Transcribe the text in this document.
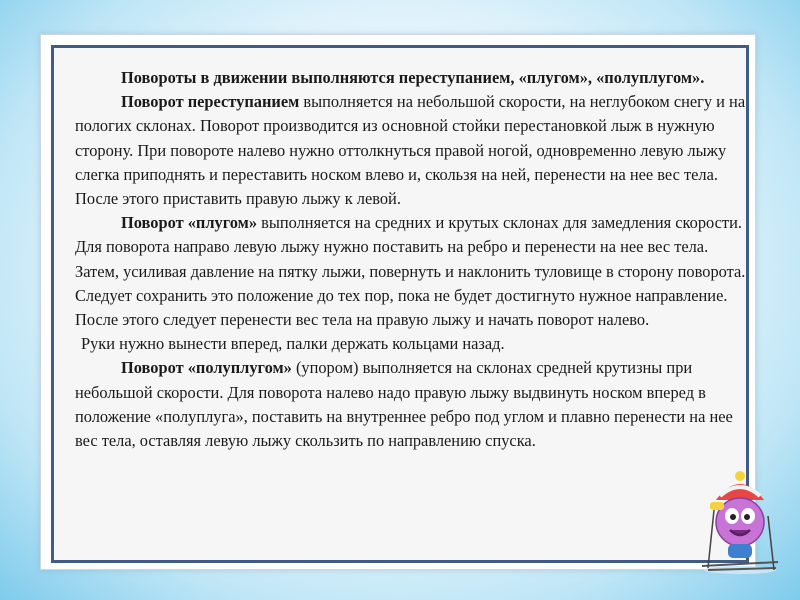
Повороты в движении выполняются переступанием, «плугом», «полуплугом».

Поворот переступанием выполняется на небольшой скорости, на неглубоком снегу и на пологих склонах. Поворот производится из основной стойки перестановкой лыж в нужную сторону. При повороте налево нужно оттолкнуться правой ногой, одновременно левую лыжу слегка приподнять и переставить носком влево и, скользя на ней, перенести на нее вес тела. После этого приставить правую лыжу к левой.

Поворот «плугом» выполняется на средних и крутых склонах для замедления скорости. Для поворота направо левую лыжу нужно поставить на ребро и перенести на нее вес тела. Затем, усиливая давление на пятку лыжи, повернуть и наклонить туловище в сторону поворота. Следует сохранить это положение до тех пор, пока не будет достигнуто нужное направление. После этого следует перенести вес тела на правую лыжу и начать поворот налево.

Руки нужно вынести вперед, палки держать кольцами назад.

Поворот «полуплугом» (упором) выполняется на склонах средней крутизны при небольшой скорости. Для поворота налево надо правую лыжу выдвинуть носком вперед в положение «полуплуга», поставить на внутреннее ребро под углом и плавно перенести на нее вес тела, оставляя левую лыжу скользить по направлению спуска.
